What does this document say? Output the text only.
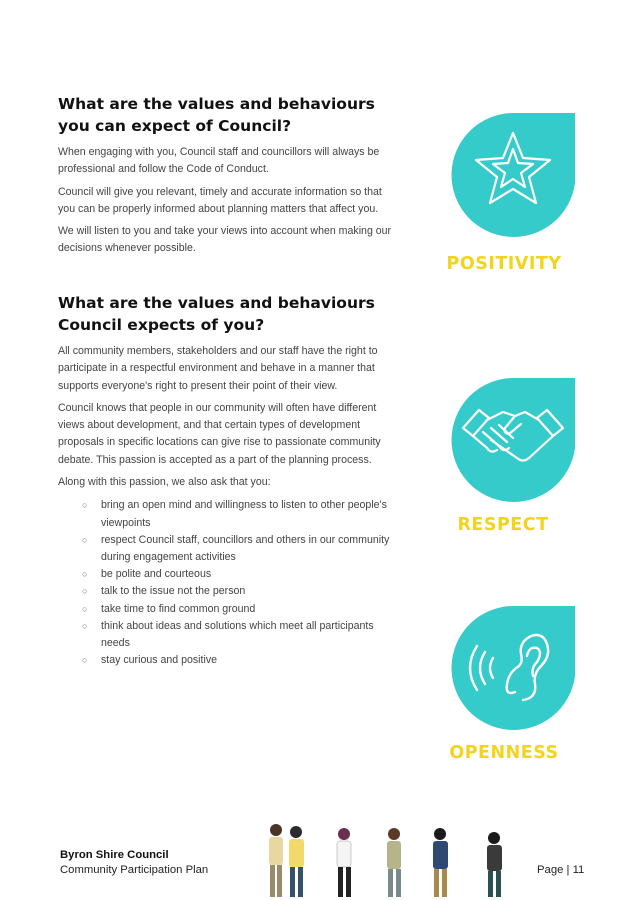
What are the values and behaviours you can expect of Council?

When engaging with you, Council staff and councillors will always be professional and follow the Code of Conduct.

Council will give you relevant, timely and accurate information so that you can be properly informed about planning matters that affect you.

We will listen to you and take your views into account when making our decisions whenever possible.

What are the values and behaviours Council expects of you?

All community members, stakeholders and our staff have the right to participate in a respectful environment and behave in a manner that supports everyone's right to present their point of their view.

Council knows that people in our community will often have different views about development, and that certain types of development proposals in specific locations can give rise to passionate community debate. This passion is accepted as a part of the planning process.

Along with this passion, we also ask that you:

○ bring an open mind and willingness to listen to other people's viewpoints
○ respect Council staff, councillors and others in our community during engagement activities
○ be polite and courteous
○ talk to the issue not the person
○ take time to find common ground
○ think about ideas and solutions which meet all participants needs
○ stay curious and positive
POSITIVITY
RESPECT
OPENNESS
Byron Shire Council
Community Participation Plan	Page | 11
